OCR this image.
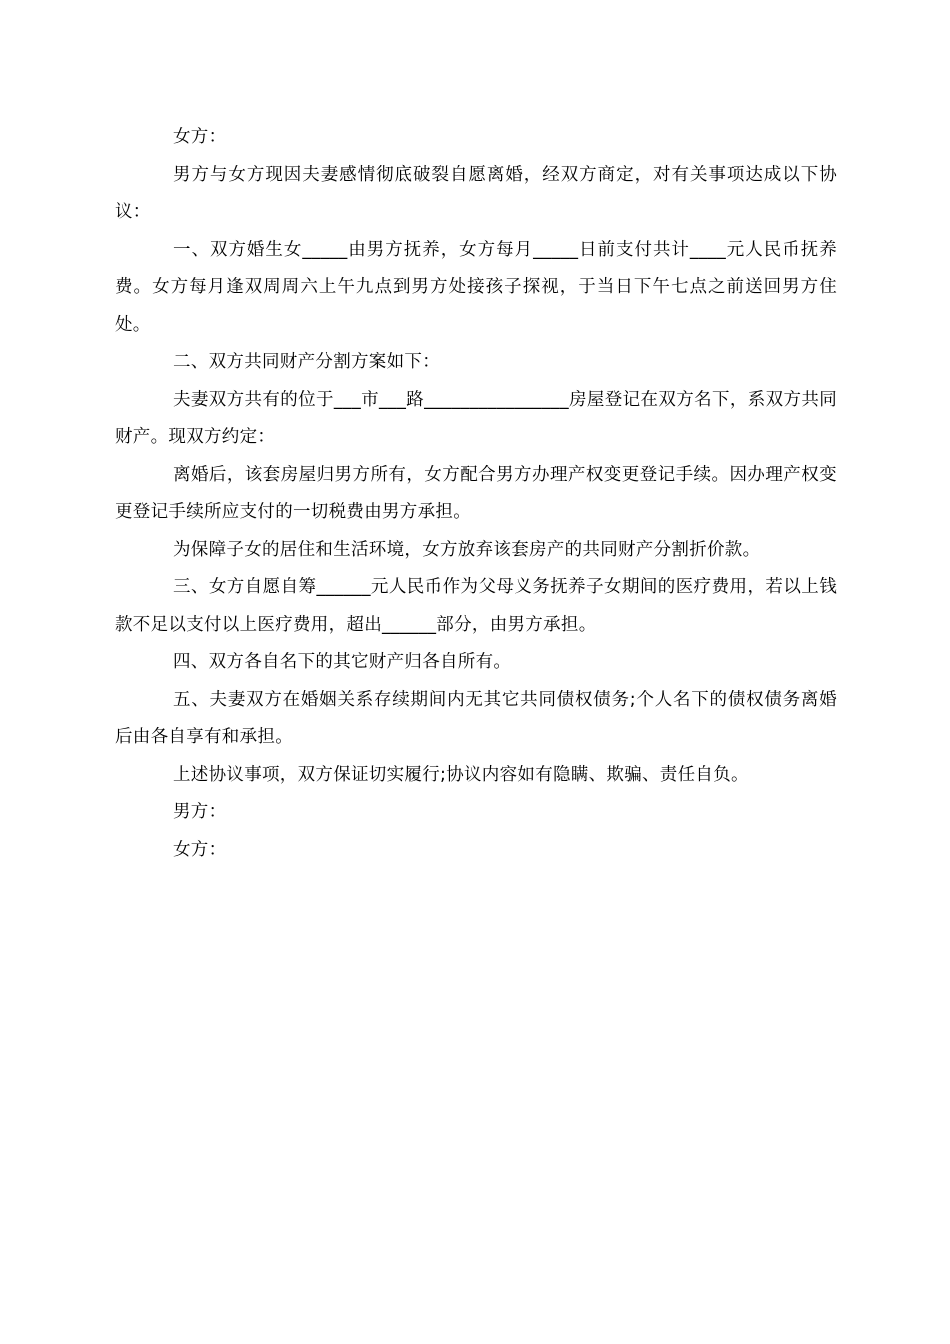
女方：

男方与女方现因夫妻感情彻底破裂自愿离婚，经双方商定，对有关事项达成以下协议：

一、双方婚生女_____由男方抚养，女方每月_____日前支付共计____元人民币抚养费。女方每月逢双周周六上午九点到男方处接孩子探视，于当日下午七点之前送回男方住处。

二、双方共同财产分割方案如下：

夫妻双方共有的位于___市___路________________房屋登记在双方名下，系双方共同财产。现双方约定：

离婚后，该套房屋归男方所有，女方配合男方办理产权变更登记手续。因办理产权变更登记手续所应支付的一切税费由男方承担。

为保障子女的居住和生活环境，女方放弃该套房产的共同财产分割折价款。

三、女方自愿自筹______元人民币作为父母义务抚养子女期间的医疗费用，若以上钱款不足以支付以上医疗费用，超出______部分，由男方承担。

四、双方各自名下的其它财产归各自所有。

五、夫妻双方在婚姻关系存续期间内无其它共同债权债务;个人名下的债权债务离婚后由各自享有和承担。

上述协议事项，双方保证切实履行;协议内容如有隐瞒、欺骗、责任自负。

男方：

女方：
